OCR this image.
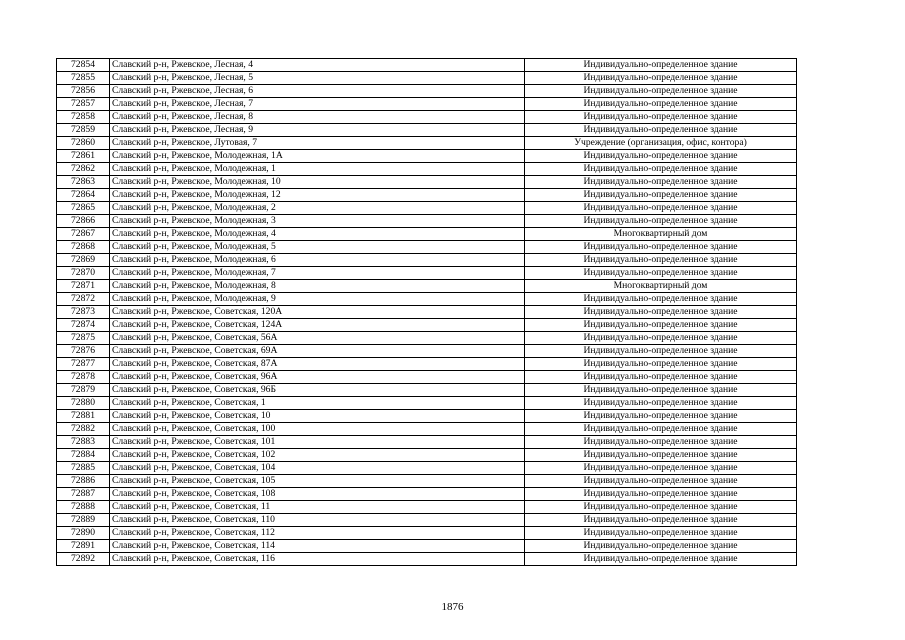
72854	Славский р-н, Ржевское, Лесная, 4	Индивидуально-определенное здание
72855	Славский р-н, Ржевское, Лесная, 5	Индивидуально-определенное здание
72856	Славский р-н, Ржевское, Лесная, 6	Индивидуально-определенное здание
72857	Славский р-н, Ржевское, Лесная, 7	Индивидуально-определенное здание
72858	Славский р-н, Ржевское, Лесная, 8	Индивидуально-определенное здание
72859	Славский р-н, Ржевское, Лесная, 9	Индивидуально-определенное здание
72860	Славский р-н, Ржевское, Лутовая, 7	Учреждение (организация, офис, контора)
72861	Славский р-н, Ржевское, Молодежная, 1А	Индивидуально-определенное здание
72862	Славский р-н, Ржевское, Молодежная, 1	Индивидуально-определенное здание
72863	Славский р-н, Ржевское, Молодежная, 10	Индивидуально-определенное здание
72864	Славский р-н, Ржевское, Молодежная, 12	Индивидуально-определенное здание
72865	Славский р-н, Ржевское, Молодежная, 2	Индивидуально-определенное здание
72866	Славский р-н, Ржевское, Молодежная, 3	Индивидуально-определенное здание
72867	Славский р-н, Ржевское, Молодежная, 4	Многоквартирный дом
72868	Славский р-н, Ржевское, Молодежная, 5	Индивидуально-определенное здание
72869	Славский р-н, Ржевское, Молодежная, 6	Индивидуально-определенное здание
72870	Славский р-н, Ржевское, Молодежная, 7	Индивидуально-определенное здание
72871	Славский р-н, Ржевское, Молодежная, 8	Многоквартирный дом
72872	Славский р-н, Ржевское, Молодежная, 9	Индивидуально-определенное здание
72873	Славский р-н, Ржевское, Советская, 120А	Индивидуально-определенное здание
72874	Славский р-н, Ржевское, Советская, 124А	Индивидуально-определенное здание
72875	Славский р-н, Ржевское, Советская, 56А	Индивидуально-определенное здание
72876	Славский р-н, Ржевское, Советская, 69А	Индивидуально-определенное здание
72877	Славский р-н, Ржевское, Советская, 87А	Индивидуально-определенное здание
72878	Славский р-н, Ржевское, Советская, 96А	Индивидуально-определенное здание
72879	Славский р-н, Ржевское, Советская, 96Б	Индивидуально-определенное здание
72880	Славский р-н, Ржевское, Советская, 1	Индивидуально-определенное здание
72881	Славский р-н, Ржевское, Советская, 10	Индивидуально-определенное здание
72882	Славский р-н, Ржевское, Советская, 100	Индивидуально-определенное здание
72883	Славский р-н, Ржевское, Советская, 101	Индивидуально-определенное здание
72884	Славский р-н, Ржевское, Советская, 102	Индивидуально-определенное здание
72885	Славский р-н, Ржевское, Советская, 104	Индивидуально-определенное здание
72886	Славский р-н, Ржевское, Советская, 105	Индивидуально-определенное здание
72887	Славский р-н, Ржевское, Советская, 108	Индивидуально-определенное здание
72888	Славский р-н, Ржевское, Советская, 11	Индивидуально-определенное здание
72889	Славский р-н, Ржевское, Советская, 110	Индивидуально-определенное здание
72890	Славский р-н, Ржевское, Советская, 112	Индивидуально-определенное здание
72891	Славский р-н, Ржевское, Советская, 114	Индивидуально-определенное здание
72892	Славский р-н, Ржевское, Советская, 116	Индивидуально-определенное здание
1876
